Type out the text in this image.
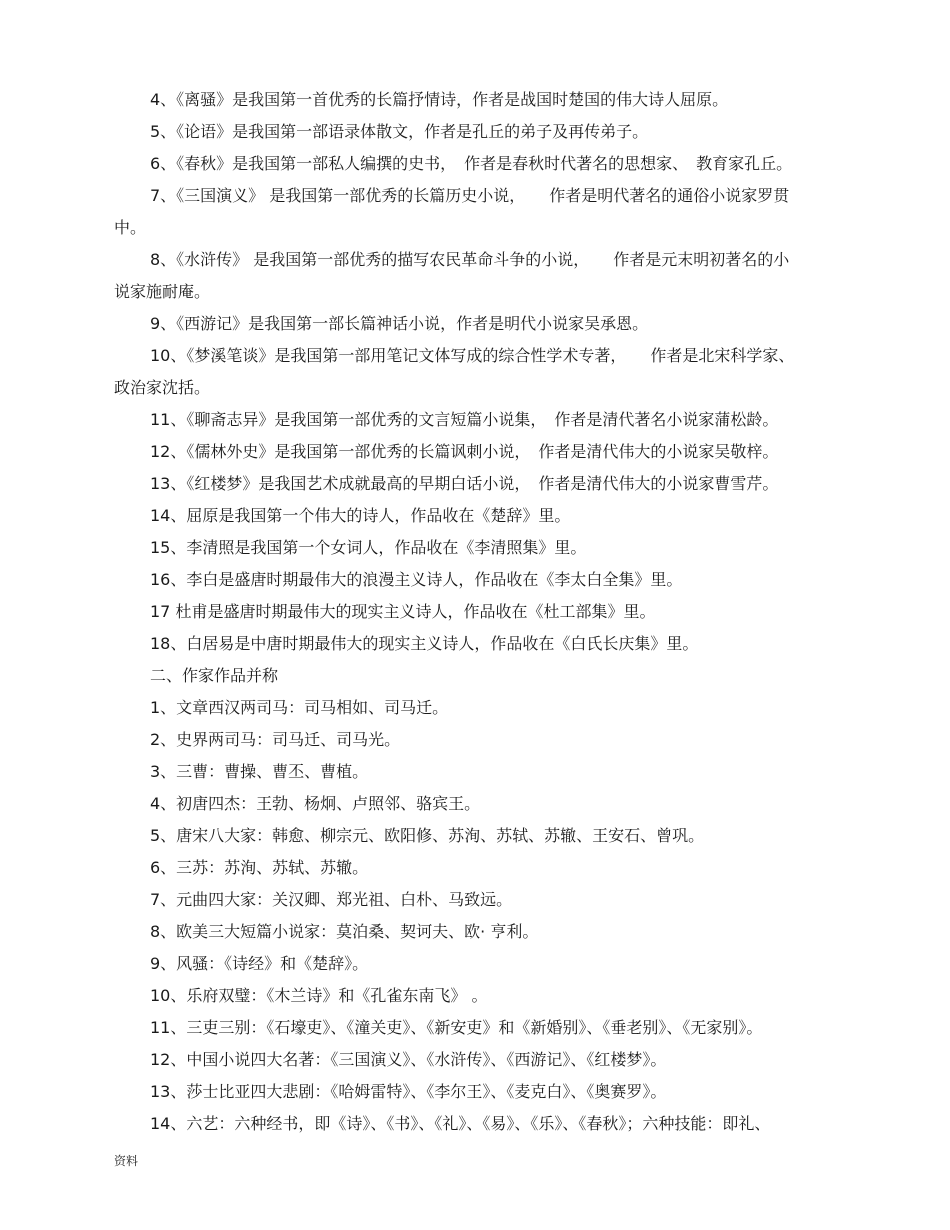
4、《离骚》是我国第一首优秀的长篇抒情诗，作者是战国时楚国的伟大诗人屈原。
5、《论语》是我国第一部语录体散文，作者是孔丘的弟子及再传弟子。
6、《春秋》是我国第一部私人编撰的史书，　作者是春秋时代著名的思想家、　教育家孔丘。
7、《三国演义》 是我国第一部优秀的长篇历史小说，　　作者是明代著名的通俗小说家罗贯
中。
8、《水浒传》 是我国第一部优秀的描写农民革命斗争的小说，　　作者是元末明初著名的小
说家施耐庵。
9、《西游记》是我国第一部长篇神话小说，作者是明代小说家吴承恩。
10、《梦溪笔谈》是我国第一部用笔记文体写成的综合性学术专著，　　作者是北宋科学家、
政治家沈括。
11、《聊斋志异》是我国第一部优秀的文言短篇小说集，　作者是清代著名小说家蒲松龄。
12、《儒林外史》是我国第一部优秀的长篇讽刺小说，　作者是清代伟大的小说家吴敬梓。
13、《红楼梦》是我国艺术成就最高的早期白话小说，　作者是清代伟大的小说家曹雪芹。
14、屈原是我国第一个伟大的诗人，作品收在《楚辞》里。
15、李清照是我国第一个女词人，作品收在《李清照集》里。
16、李白是盛唐时期最伟大的浪漫主义诗人，作品收在《李太白全集》里。
17 杜甫是盛唐时期最伟大的现实主义诗人，作品收在《杜工部集》里。
18、白居易是中唐时期最伟大的现实主义诗人，作品收在《白氏长庆集》里。
二、作家作品并称
1、文章西汉两司马：司马相如、司马迁。
2、史界两司马：司马迁、司马光。
3、三曹：曹操、曹丕、曹植。
4、初唐四杰：王勃、杨炯、卢照邻、骆宾王。
5、唐宋八大家：韩愈、柳宗元、欧阳修、苏洵、苏轼、苏辙、王安石、曾巩。
6、三苏：苏洵、苏轼、苏辙。
7、元曲四大家：关汉卿、郑光祖、白朴、马致远。
8、欧美三大短篇小说家：莫泊桑、契诃夫、欧· 亨利。
9、风骚：《诗经》和《楚辞》。
10、乐府双璧：《木兰诗》和《孔雀东南飞》 。
11、三吏三别：《石壕吏》、《潼关吏》、《新安吏》和《新婚别》、《垂老别》、《无家别》。
12、中国小说四大名著：《三国演义》、《水浒传》、《西游记》、《红楼梦》。
13、莎士比亚四大悲剧：《哈姆雷特》、《李尔王》、《麦克白》、《奥赛罗》。
14、六艺：六种经书，即《诗》、《书》、《礼》、《易》、《乐》、《春秋》；六种技能：即礼、
资料
